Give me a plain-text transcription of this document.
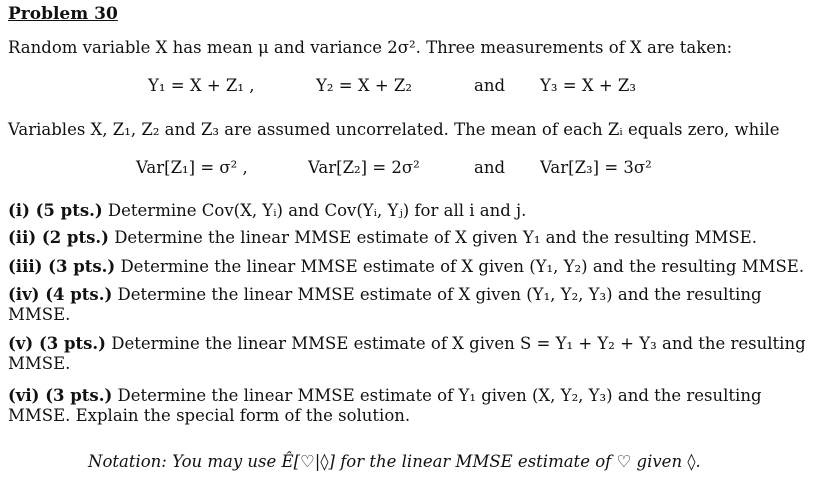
Problem 30
Random variable X has mean μ and variance 2σ². Three measurements of X are taken:
Y₁ = X + Z₁ ,	Y₂ = X + Z₂	and Y₃ = X + Z₃
Variables X, Z₁, Z₂ and Z₃ are assumed uncorrelated. The mean of each Zᵢ equals zero, while
Var[Z₁] = σ² ,	Var[Z₂] = 2σ²	and Var[Z₃] = 3σ²
(i) (5 pts.) Determine Cov(X, Yᵢ) and Cov(Yᵢ, Yⱼ) for all i and j.
(ii) (2 pts.) Determine the linear MMSE estimate of X given Y₁ and the resulting MMSE.
(iii) (3 pts.) Determine the linear MMSE estimate of X given (Y₁, Y₂) and the resulting MMSE.
(iv) (4 pts.) Determine the linear MMSE estimate of X given (Y₁, Y₂, Y₃) and the resulting MMSE.
(v) (3 pts.) Determine the linear MMSE estimate of X given S = Y₁ + Y₂ + Y₃ and the resulting MMSE.
(vi) (3 pts.) Determine the linear MMSE estimate of Y₁ given (X, Y₂, Y₃) and the resulting MMSE. Explain the special form of the solution.
Notation: You may use Ê[♡|◊] for the linear MMSE estimate of ♡ given ◊.
